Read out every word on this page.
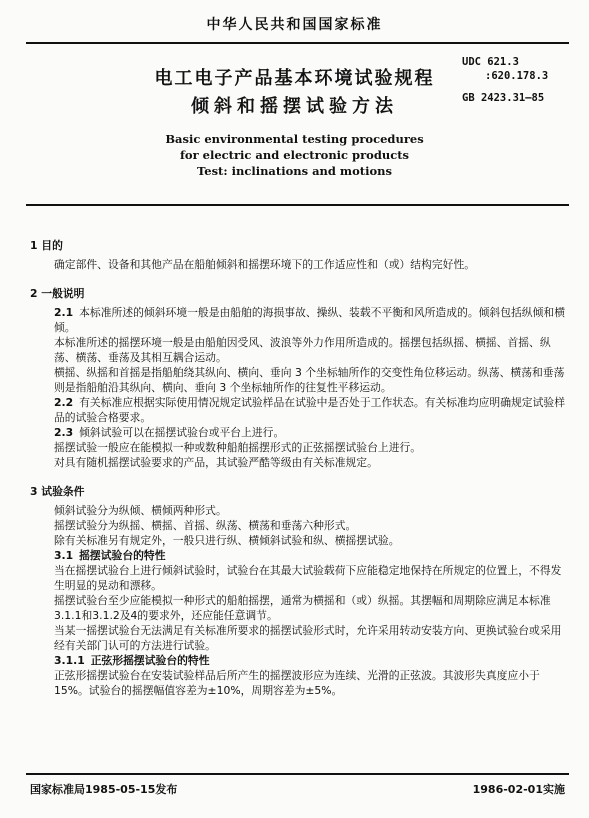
中华人民共和国国家标准
UDC 621.3
:620.178.3
GB 2423.31—85
电工电子产品基本环境试验规程
倾斜和摇摆试验方法
Basic environmental testing procedures
for electric and electronic products
Test: inclinations and motions
1 目的

确定部件、设备和其他产品在船舶倾斜和摇摆环境下的工作适应性和（或）结构完好性。

2 一般说明

2.1 本标准所述的倾斜环境一般是由船舶的海损事故、操纵、装载不平衡和风所造成的。倾斜包括纵倾和横倾。

本标准所述的摇摆环境一般是由船舶因受风、波浪等外力作用所造成的。摇摆包括纵摇、横摇、首摇、纵荡、横荡、垂荡及其相互耦合运动。

横摇、纵摇和首摇是指船舶绕其纵向、横向、垂向 3 个坐标轴所作的交变性角位移运动。纵荡、横荡和垂荡则是指船舶沿其纵向、横向、垂向 3 个坐标轴所作的往复性平移运动。

2.2 有关标准应根据实际使用情况规定试验样品在试验中是否处于工作状态。有关标准均应明确规定试验样品的试验合格要求。

2.3 倾斜试验可以在摇摆试验台或平台上进行。

摇摆试验一般应在能模拟一种或数种船舶摇摆形式的正弦摇摆试验台上进行。

对具有随机摇摆试验要求的产品，其试验严酷等级由有关标准规定。

3 试验条件

倾斜试验分为纵倾、横倾两种形式。

摇摆试验分为纵摇、横摇、首摇、纵荡、横荡和垂荡六种形式。

除有关标准另有规定外，一般只进行纵、横倾斜试验和纵、横摇摆试验。

3.1 摇摆试验台的特性

当在摇摆试验台上进行倾斜试验时，试验台在其最大试验载荷下应能稳定地保持在所规定的位置上，不得发生明显的晃动和漂移。

摇摆试验台至少应能模拟一种形式的船舶摇摆，通常为横摇和（或）纵摇。其摆幅和周期除应满足本标准3.1.1和3.1.2及4的要求外，还应能任意调节。

当某一摇摆试验台无法满足有关标准所要求的摇摆试验形式时，允许采用转动安装方向、更换试验台或采用经有关部门认可的方法进行试验。

3.1.1 正弦形摇摆试验台的特性

正弦形摇摆试验台在安装试验样品后所产生的摇摆波形应为连续、光滑的正弦波。其波形失真度应小于15%。试验台的摇摆幅值容差为±10%，周期容差为±5%。

国家标准局1985-05-15发布	1986-02-01实施
